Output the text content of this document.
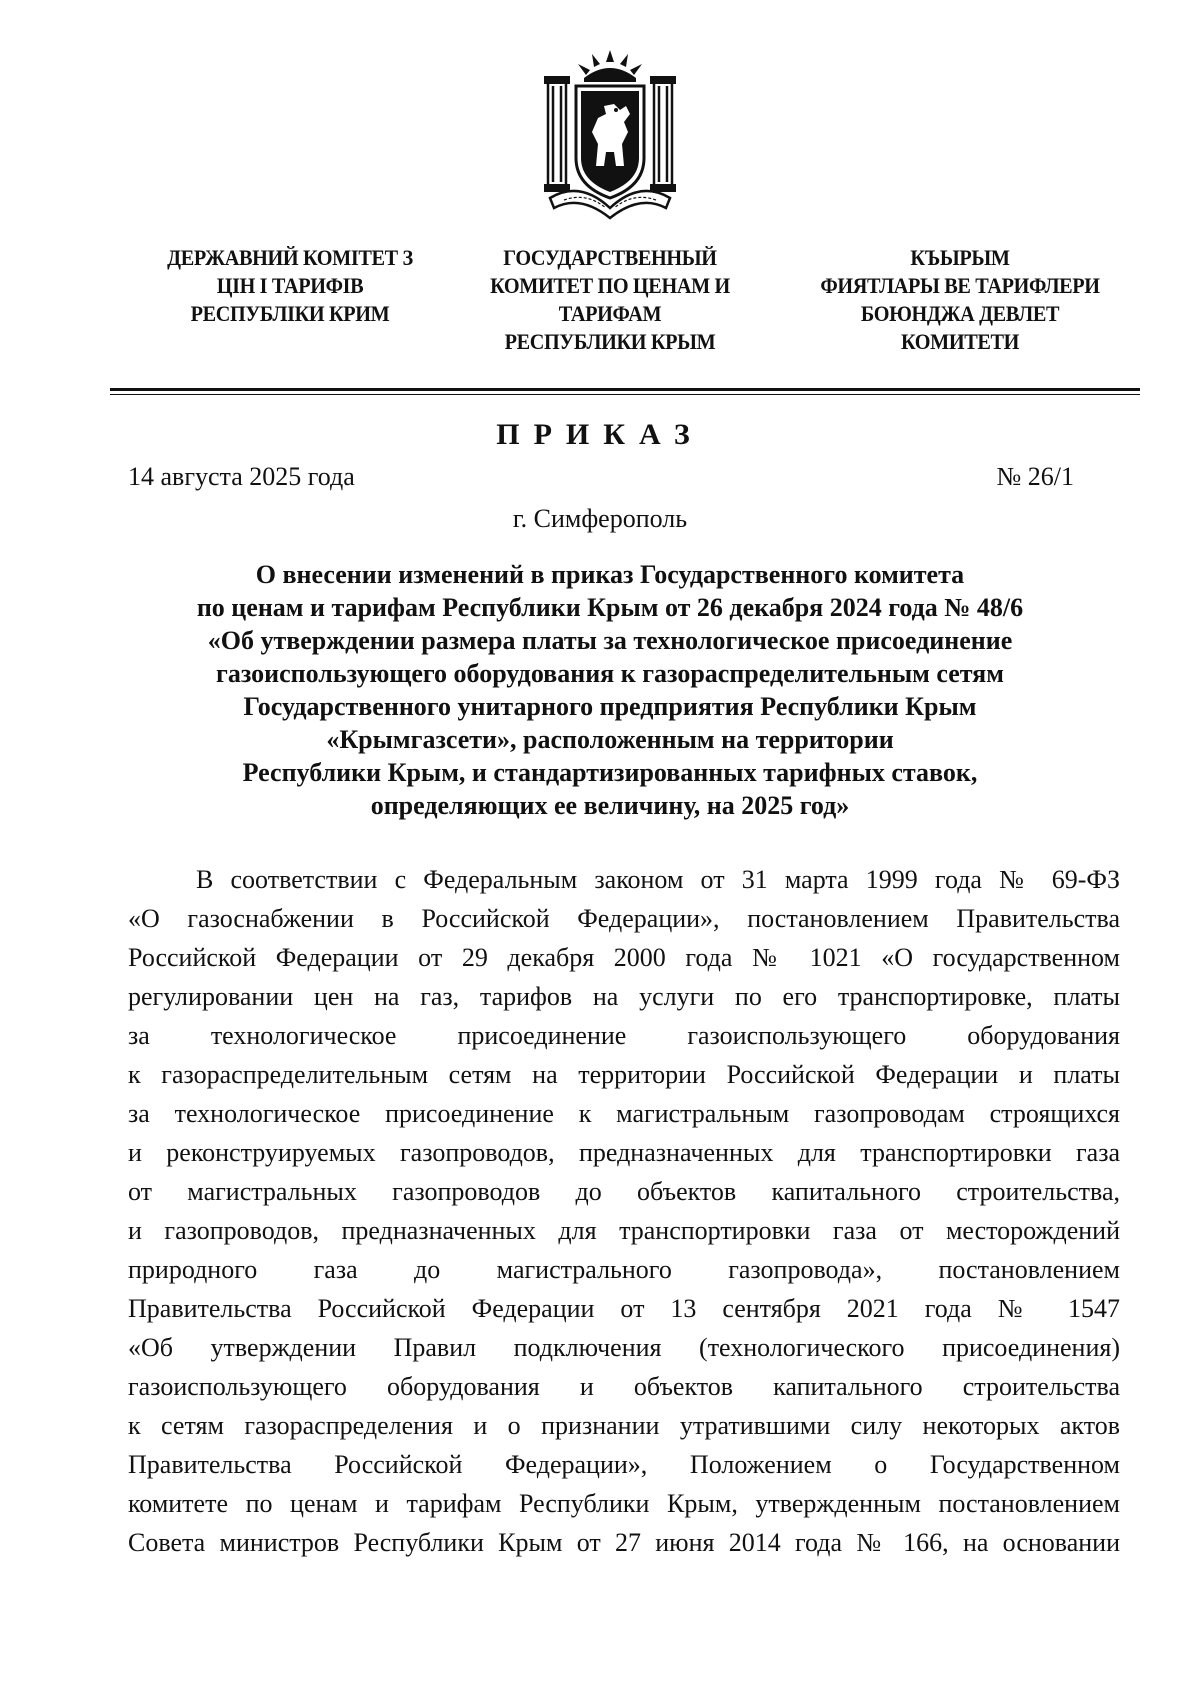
ДЕРЖАВНИЙ КОМІТЕТ З
ЦІН І ТАРИФІВ
РЕСПУБЛІКИ КРИМ
ГОСУДАРСТВЕННЫЙ
КОМИТЕТ ПО ЦЕНАМ И
ТАРИФАМ
РЕСПУБЛИКИ КРЫМ
КЪЫРЫМ
ФИЯТЛАРЫ ВЕ ТАРИФЛЕРИ
БОЮНДЖА ДЕВЛЕТ
КОМИТЕТИ
ПРИКАЗ
14 августа 2025 года	№ 26/1
г. Симферополь
О внесении изменений в приказ Государственного комитета
по ценам и тарифам Республики Крым от 26 декабря 2024 года № 48/6
«Об утверждении размера платы за технологическое присоединение
газоиспользующего оборудования к газораспределительным сетям
Государственного унитарного предприятия Республики Крым
«Крымгазсети», расположенным на территории
Республики Крым, и стандартизированных тарифных ставок,
определяющих ее величину, на 2025 год»
В соответствии с Федеральным законом от 31 марта 1999 года № 69-ФЗ
«О газоснабжении в Российской Федерации», постановлением Правительства
Российской Федерации от 29 декабря 2000 года № 1021 «О государственном
регулировании цен на газ, тарифов на услуги по его транспортировке, платы
за технологическое присоединение газоиспользующего оборудования
к газораспределительным сетям на территории Российской Федерации и платы
за технологическое присоединение к магистральным газопроводам строящихся
и реконструируемых газопроводов, предназначенных для транспортировки газа
от магистральных газопроводов до объектов капитального строительства,
и газопроводов, предназначенных для транспортировки газа от месторождений
природного газа до магистрального газопровода», постановлением
Правительства Российской Федерации от 13 сентября 2021 года № 1547
«Об утверждении Правил подключения (технологического присоединения)
газоиспользующего оборудования и объектов капитального строительства
к сетям газораспределения и о признании утратившими силу некоторых актов
Правительства Российской Федерации», Положением о Государственном
комитете по ценам и тарифам Республики Крым, утвержденным постановлением
Совета министров Республики Крым от 27 июня 2014 года № 166, на основании
